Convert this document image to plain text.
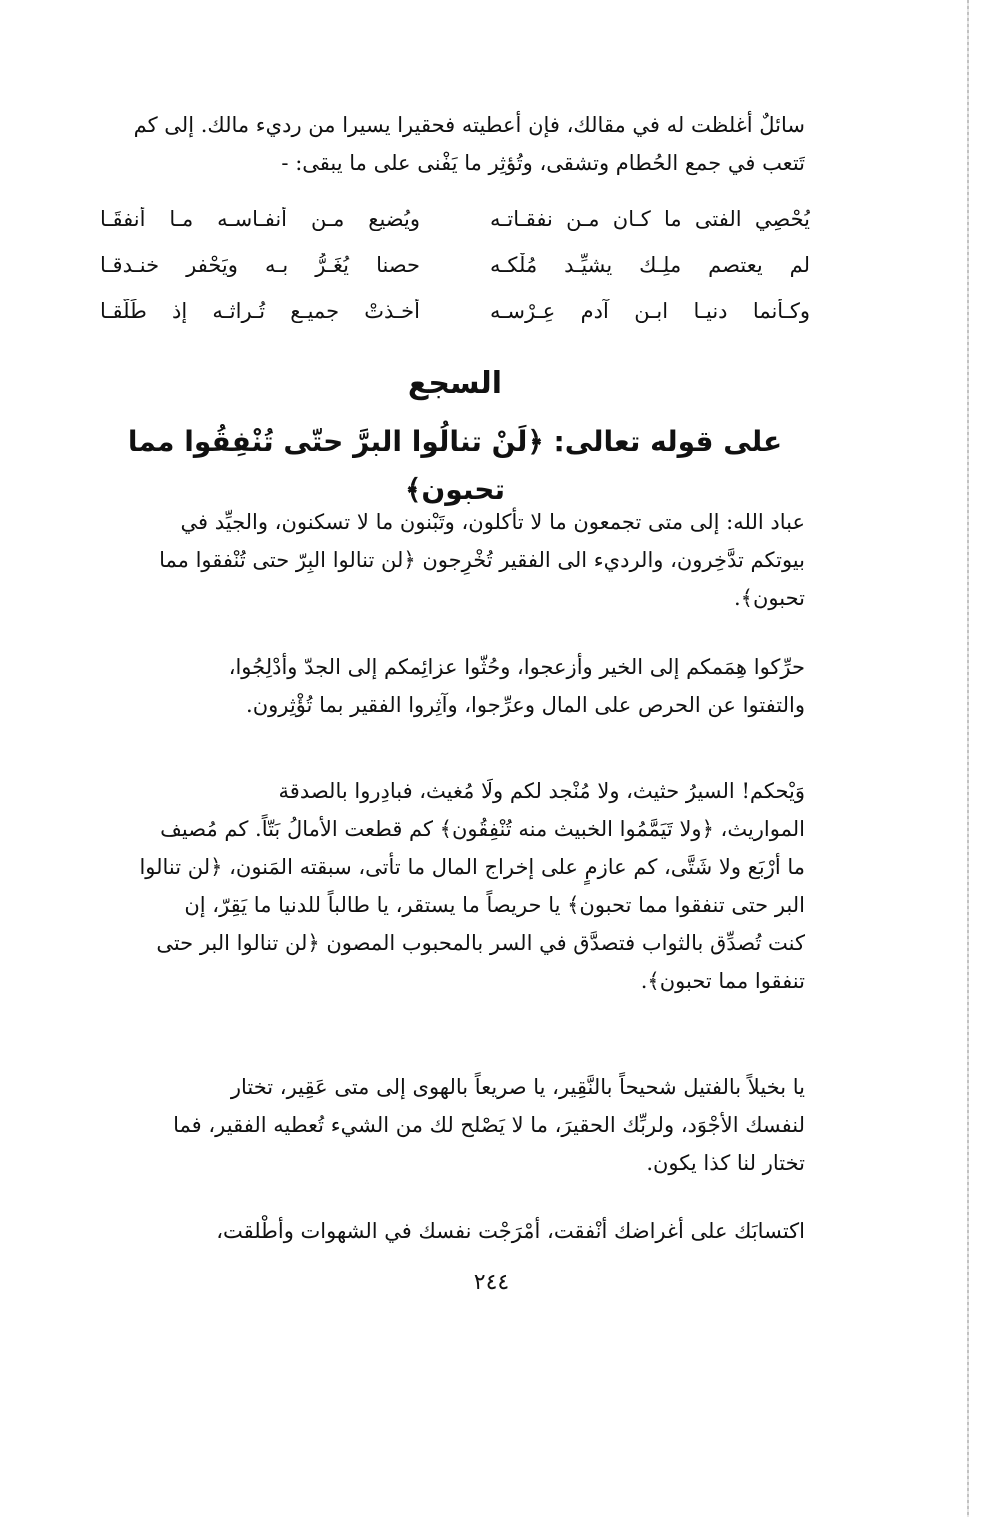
سائلٌ أغلظت له في مقالك، فإن أعطيته فحقيرا يسيرا من رديء مالك. إلى كم
تَتعب في جمع الحُطام وتشقى، وتُؤثِر ما يَفْنى على ما يبقى: -
يُحْصِي الفتى ما كـان مـن نفقـاتـه
ويُضيع مـن أنفـاسـه مـا أنفقَـا
لم يعتصم ملِـك يشيِّـد مُلْكـه
حصنا يُغَـرُّ بـه ويَحْفر خنـدقـا
وكـأنما دنيـا ابـن آدم عِـرْسـه
أخـذتْ جميـع تُـراثـه إذ طَلَّقـا
السجع
على قوله تعالى: ﴿لَنْ تنالُوا البرَّ حتّى تُنْفِقُوا مما تحبون﴾
عباد الله: إلى متى تجمعون ما لا تأكلون، وتَبْنون ما لا تسكنون، والجيِّد في
بيوتكم تدَّخِرون، والرديء الى الفقير تُخْرِجون ﴿لن تنالوا البِرّ حتى تُنْفقوا مما
تحبون﴾.
حرِّكوا هِمَمكم إلى الخير وأزعجوا، وحُثّوا عزائِمكم إلى الجدّ وأدْلِجُوا،
والتفتوا عن الحرص على المال وعرِّجوا، وآثِروا الفقير بما تُؤْثِرون.
وَيْحكم! السيرُ حثيث، ولا مُنْجد لكم ولَا مُغيث، فبادِروا بالصدقة
المواريث، ﴿ولا تَيَمَّمُوا الخبيث منه تُنْفِقُون﴾ كم قطعت الأمالُ بَتّاً. كم مُصيف
ما أرْبَع ولا شَتَّى، كم عازمٍ على إخراج المال ما تأتى، سبقته المَنون، ﴿لن تنالوا
البر حتى تنفقوا مما تحبون﴾ يا حريصاً ما يستقر، يا طالباً للدنيا ما يَقِرّ، إن
كنت تُصدِّق بالثواب فتصدَّق في السر بالمحبوب المصون ﴿لن تنالوا البر حتى
تنفقوا مما تحبون﴾.
يا بخيلاً بالفتيل شحيحاً بالنَّقِير، يا صريعاً بالهوى إلى متى عَقِير، تختار
لنفسك الأجْوَد، ولربِّك الحقيرَ، ما لا يَصْلح لك من الشيء تُعطيه الفقير، فما
تختار لنا كذا يكون.
اكتسابَك على أغراضك أنْفقت، أمْرَجْت نفسك في الشهوات وأطْلقت،
٢٤٤
